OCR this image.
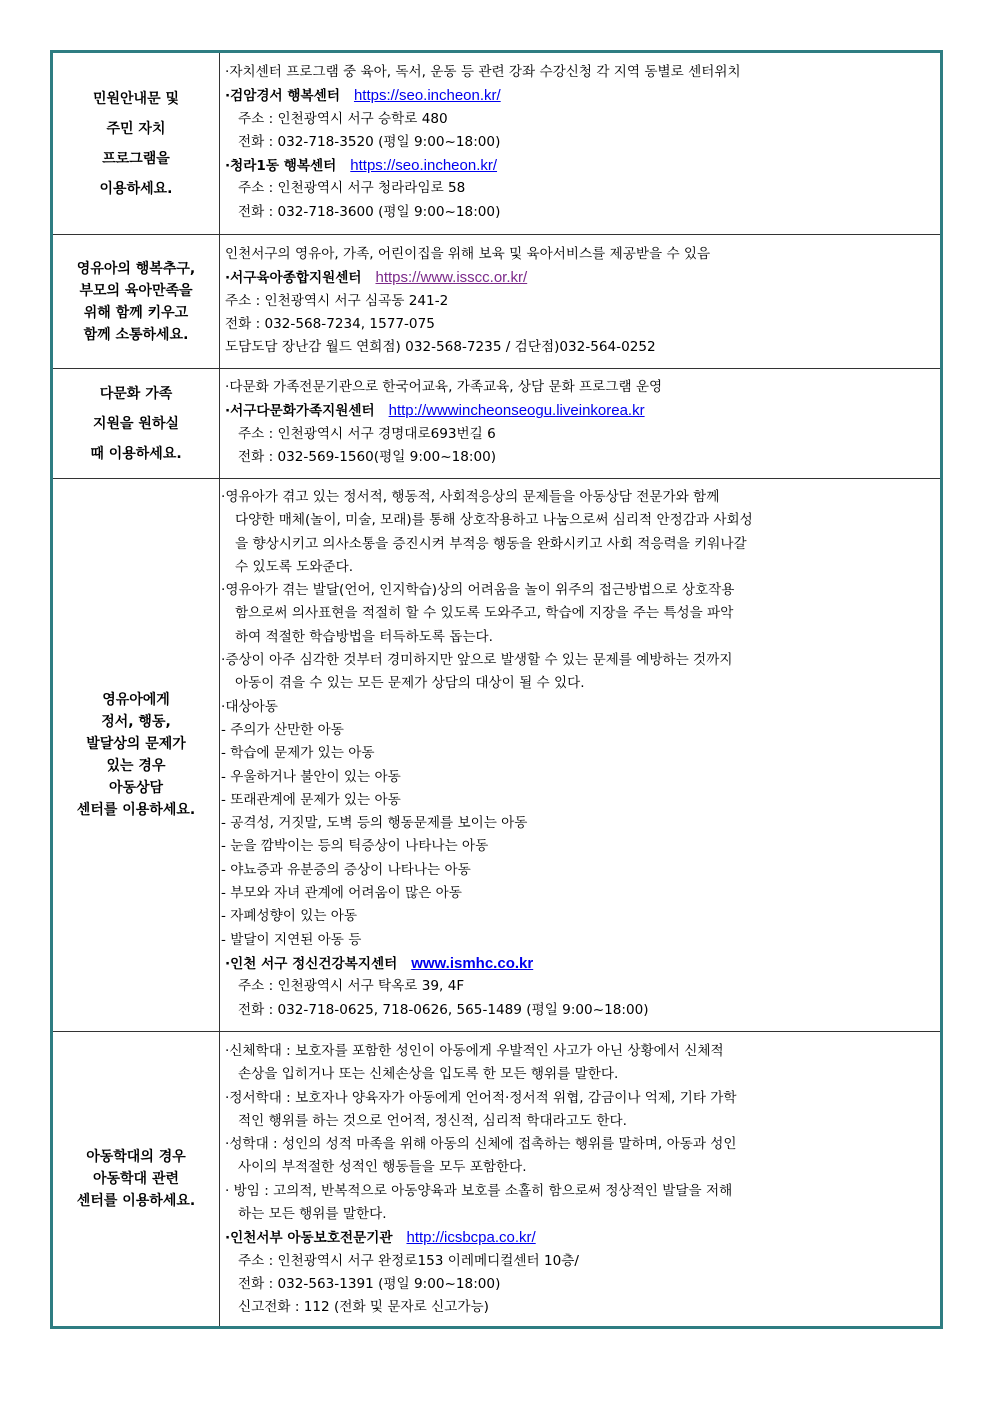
민원안내문 및
주민 자치
프로그램을
이용하세요.
·자치센터 프로그램 중 육아, 독서, 운동 등 관련 강좌 수강신청 각 지역 동별로 센터위치
·검암경서 행복센터 https://seo.incheon.kr/
주소 : 인천광역시 서구 승학로 480
전화 : 032-718-3520 (평일 9:00~18:00)
·청라1동 행복센터 https://seo.incheon.kr/
주소 : 인천광역시 서구 청라라임로 58
전화 : 032-718-3600 (평일 9:00~18:00)
영유아의 행복추구,
부모의 육아만족을
위해 함께 키우고
함께 소통하세요.
인천서구의 영유아, 가족, 어린이집을 위해 보육 및 육아서비스를 제공받을 수 있음
·서구육아종합지원센터 https://www.isscc.or.kr/
주소 : 인천광역시 서구 심곡동 241-2
전화 : 032-568-7234, 1577-075
도담도담 장난감 월드 연희점) 032-568-7235 / 검단점)032-564-0252
다문화 가족
지원을 원하실
때 이용하세요.
·다문화 가족전문기관으로 한국어교육, 가족교육, 상담 문화 프로그램 운영
·서구다문화가족지원센터 http://wwwincheonseogu.liveinkorea.kr
주소 : 인천광역시 서구 경명대로693번길 6
전화 : 032-569-1560(평일 9:00~18:00)
영유아에게
정서, 행동,
발달상의 문제가
있는 경우
아동상담
센터를 이용하세요.
·영유아가 겪고 있는 정서적, 행동적, 사회적응상의 문제들을 아동상담 전문가와 함께
다양한 매체(놀이, 미술, 모래)를 통해 상호작용하고 나눔으로써 심리적 안정감과 사회성
을 향상시키고 의사소통을 증진시켜 부적응 행동을 완화시키고 사회 적응력을 키워나갈
수 있도록 도와준다.
·영유아가 겪는 발달(언어, 인지학습)상의 어려움을 놀이 위주의 접근방법으로 상호작용
함으로써 의사표현을 적절히 할 수 있도록 도와주고, 학습에 지장을 주는 특성을 파악
하여 적절한 학습방법을 터득하도록 돕는다.
·증상이 아주 심각한 것부터 경미하지만 앞으로 발생할 수 있는 문제를 예방하는 것까지
아동이 겪을 수 있는 모든 문제가 상담의 대상이 될 수 있다.
·대상아동
- 주의가 산만한 아동
- 학습에 문제가 있는 아동
- 우울하거나 불안이 있는 아동
- 또래관계에 문제가 있는 아동
- 공격성, 거짓말, 도벽 등의 행동문제를 보이는 아동
- 눈을 깜박이는 등의 틱증상이 나타나는 아동
- 야뇨증과 유분증의 증상이 나타나는 아동
- 부모와 자녀 관계에 어려움이 많은 아동
- 자폐성향이 있는 아동
- 발달이 지연된 아동 등
·인천 서구 정신건강복지센터 www.ismhc.co.kr
주소 : 인천광역시 서구 탁옥로 39, 4F
전화 : 032-718-0625, 718-0626, 565-1489 (평일 9:00~18:00)
아동학대의 경우
아동학대 관련
센터를 이용하세요.
·신체학대 : 보호자를 포함한 성인이 아동에게 우발적인 사고가 아닌 상황에서 신체적
손상을 입히거나 또는 신체손상을 입도록 한 모든 행위를 말한다.
·정서학대 : 보호자나 양육자가 아동에게 언어적·정서적 위협, 감금이나 억제, 기타 가학
적인 행위를 하는 것으로 언어적, 정신적, 심리적 학대라고도 한다.
·성학대 : 성인의 성적 마족을 위해 아동의 신체에 접촉하는 행위를 말하며, 아동과 성인
사이의 부적절한 성적인 행동들을 모두 포함한다.
· 방임 : 고의적, 반복적으로 아동양육과 보호를 소홀히 함으로써 정상적인 발달을 저해
하는 모든 행위를 말한다.
·인천서부 아동보호전문기관 http://icsbcpa.co.kr/
주소 : 인천광역시 서구 완정로153 이레메디컬센터 10층/
전화 : 032-563-1391 (평일 9:00~18:00)
신고전화 : 112 (전화 및 문자로 신고가능)
